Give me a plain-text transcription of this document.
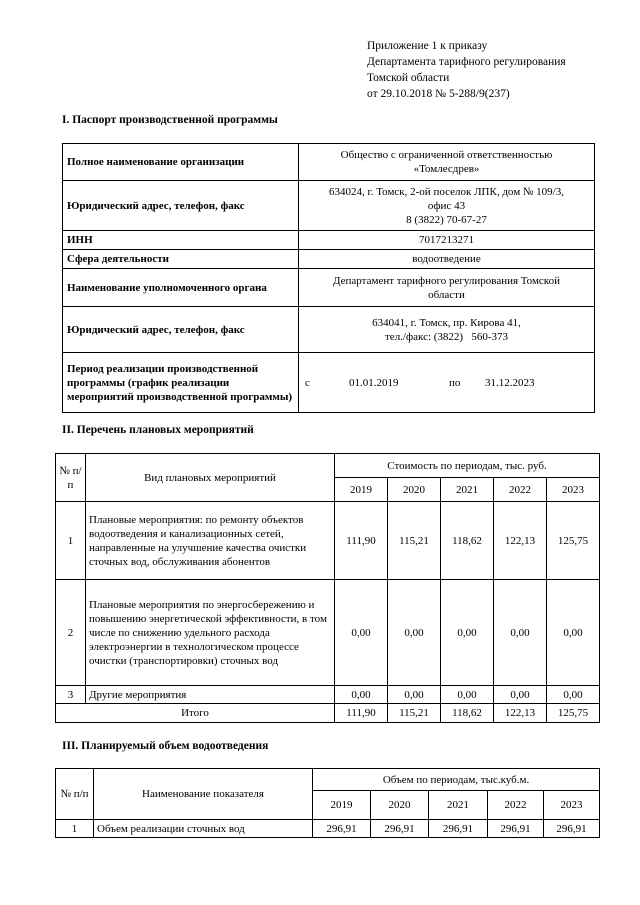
Приложение 1 к приказу
Департамента тарифного регулирования
Томской области
от 29.10.2018 № 5-288/9(237)
I. Паспорт производственной программы
Полное наименование организации	Общество с ограниченной ответственностью
«Томлесдрев»

Юридический адрес, телефон, факс	634024, г. Томск, 2-ой поселок ЛПК, дом № 109/3,
офис 43
8 (3822) 70-67-27

ИНН	7017213271
Сфера деятельности	водоотведение
Наименование уполномоченного органа	Департамент тарифного регулирования Томской
области

Юридический адрес, телефон, факс	634041, г. Томск, пр. Кирова 41,
тел./факс: (3822)   560-373

Период реализации производственной программы (график реализации мероприятий производственной программы)	с 01.01.2019 по 31.12.2023
II. Перечень плановых мероприятий
№ п/ п	Вид плановых мероприятий	Стоимость по периодам, тыс. руб.				
		2019	2020	2021	2022	2023
1	Плановые мероприятия: по ремонту объектов водоотведения и канализационных сетей, направленные на улучшение качества очистки сточных вод, обслуживания абонентов	111,90	115,21	118,62	122,13	125,75
2	Плановые мероприятия по энергосбережению и повышению энергетической эффективности, в том числе по снижению удельного расхода электроэнергии в технологическом процессе очистки (транспортировки) сточных вод	0,00	0,00	0,00	0,00	0,00
3	Другие мероприятия	0,00	0,00	0,00	0,00	0,00
Итого		111,90	115,21	118,62	122,13	125,75
III. Планируемый объем водоотведения
№ п/п	Наименование показателя	Объем по периодам, тыс.куб.м.				
		2019	2020	2021	2022	2023
1	Объем реализации сточных вод	296,91	296,91	296,91	296,91	296,91
